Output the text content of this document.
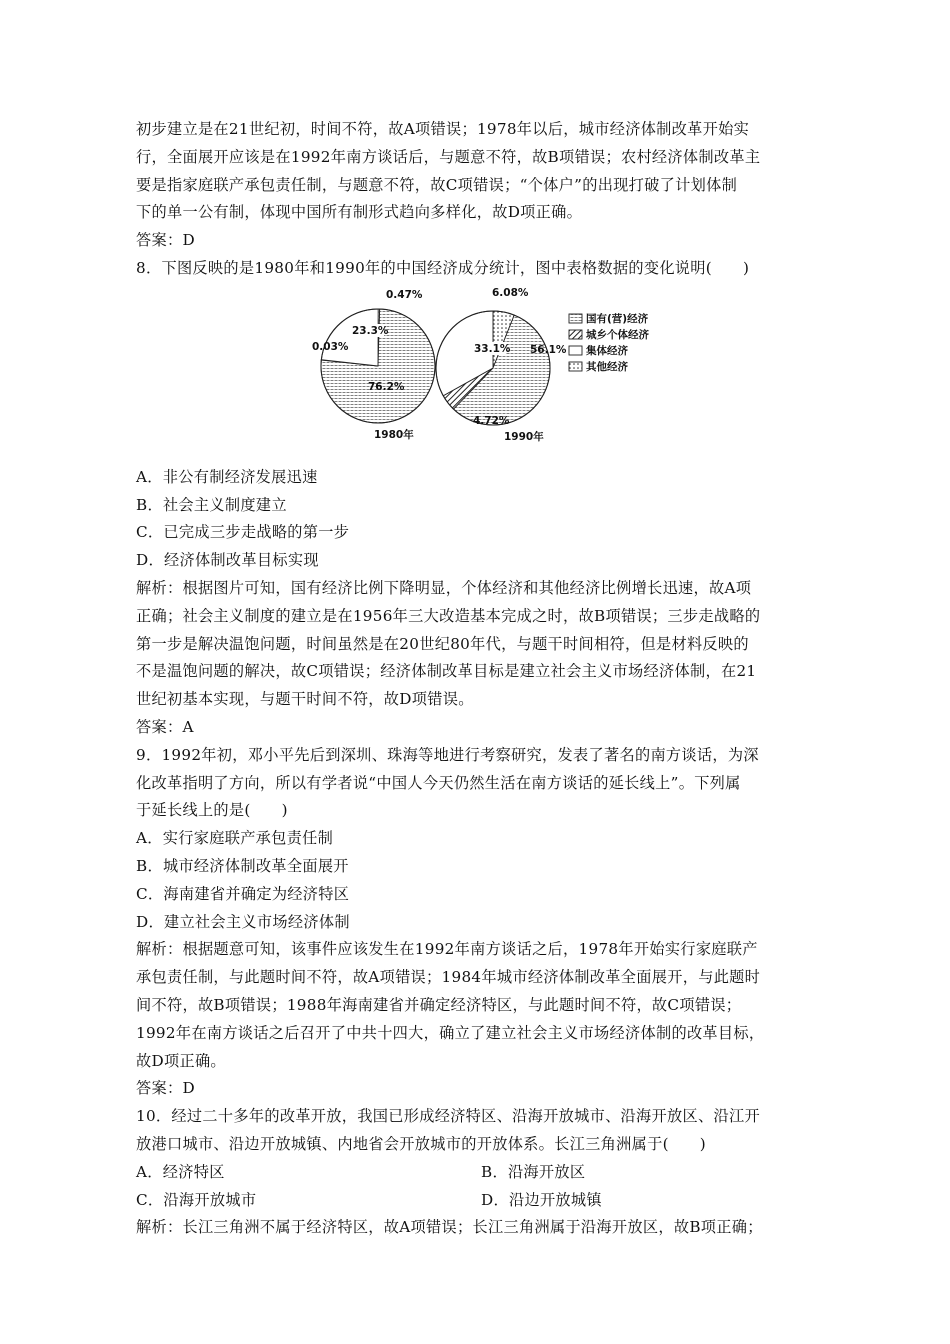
初步建立是在21世纪初，时间不符，故A项错误；1978年以后，城市经济体制改革开始实

行，全面展开应该是在1992年南方谈话后，与题意不符，故B项错误；农村经济体制改革主

要是指家庭联产承包责任制，与题意不符，故C项错误；“个体户”的出现打破了计划体制

下的单一公有制，体现中国所有制形式趋向多样化，故D项正确。

答案：D

8．下图反映的是1980年和1990年的中国经济成分统计，图中表格数据的变化说明(　　)

76.2%
0.03%
23.3%
0.47%
1980年
56.1%
4.72%
33.1%
6.08%
1990年
国有(营)经济
城乡个体经济
集体经济
其他经济

A．非公有制经济发展迅速

B．社会主义制度建立

C．已完成三步走战略的第一步

D．经济体制改革目标实现

解析：根据图片可知，国有经济比例下降明显，个体经济和其他经济比例增长迅速，故A项

正确；社会主义制度的建立是在1956年三大改造基本完成之时，故B项错误；三步走战略的

第一步是解决温饱问题，时间虽然是在20世纪80年代，与题干时间相符，但是材料反映的

不是温饱问题的解决，故C项错误；经济体制改革目标是建立社会主义市场经济体制，在21

世纪初基本实现，与题干时间不符，故D项错误。

答案：A

9．1992年初，邓小平先后到深圳、珠海等地进行考察研究，发表了著名的南方谈话，为深

化改革指明了方向，所以有学者说“中国人今天仍然生活在南方谈话的延长线上”。下列属

于延长线上的是(　　)

A．实行家庭联产承包责任制

B．城市经济体制改革全面展开

C．海南建省并确定为经济特区

D．建立社会主义市场经济体制

解析：根据题意可知，该事件应该发生在1992年南方谈话之后，1978年开始实行家庭联产

承包责任制，与此题时间不符，故A项错误；1984年城市经济体制改革全面展开，与此题时

间不符，故B项错误；1988年海南建省并确定经济特区，与此题时间不符，故C项错误；

1992年在南方谈话之后召开了中共十四大，确立了建立社会主义市场经济体制的改革目标，

故D项正确。

答案：D

10．经过二十多年的改革开放，我国已形成经济特区、沿海开放城市、沿海开放区、沿江开

放港口城市、沿边开放城镇、内地省会开放城市的开放体系。长江三角洲属于(　　)

A．经济特区	B．沿海开放区

C．沿海开放城市	D．沿边开放城镇

解析：长江三角洲不属于经济特区，故A项错误；长江三角洲属于沿海开放区，故B项正确；
